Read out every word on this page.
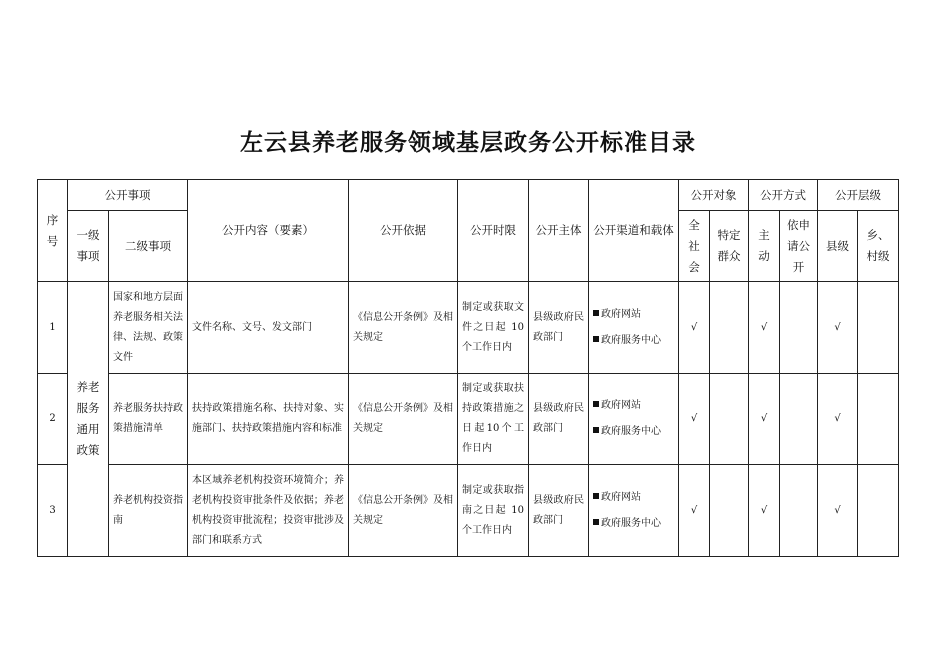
左云县养老服务领域基层政务公开标准目录
序号	公开事项		公开内容（要素）	公开依据	公开时限	公开主体	公开渠道和载体	公开对象		公开方式		公开层级	
	一级事项	二级事项						全社会	特定群众	主动	依申请公开	县级	乡、村级
1	养老服务通用政策	国家和地方层面养老服务相关法律、法规、政策文件	文件名称、文号、发文部门	《信息公开条例》及相关规定	制定或获取文件之日起 10 个工作日内	县级政府民政部门	政府网站
政府服务中心	√		√		√	
2		养老服务扶持政策措施清单	扶持政策措施名称、扶持对象、实施部门、扶持政策措施内容和标准	《信息公开条例》及相关规定	制定或获取扶持政策措施之日起10个工作日内	县级政府民政部门	政府网站
政府服务中心	√		√		√	
3		养老机构投资指南	本区域养老机构投资环境简介；养老机构投资审批条件及依据；养老机构投资审批流程；投资审批涉及部门和联系方式	《信息公开条例》及相关规定	制定或获取指南之日起 10 个工作日内	县级政府民政部门	政府网站
政府服务中心	√		√		√	
